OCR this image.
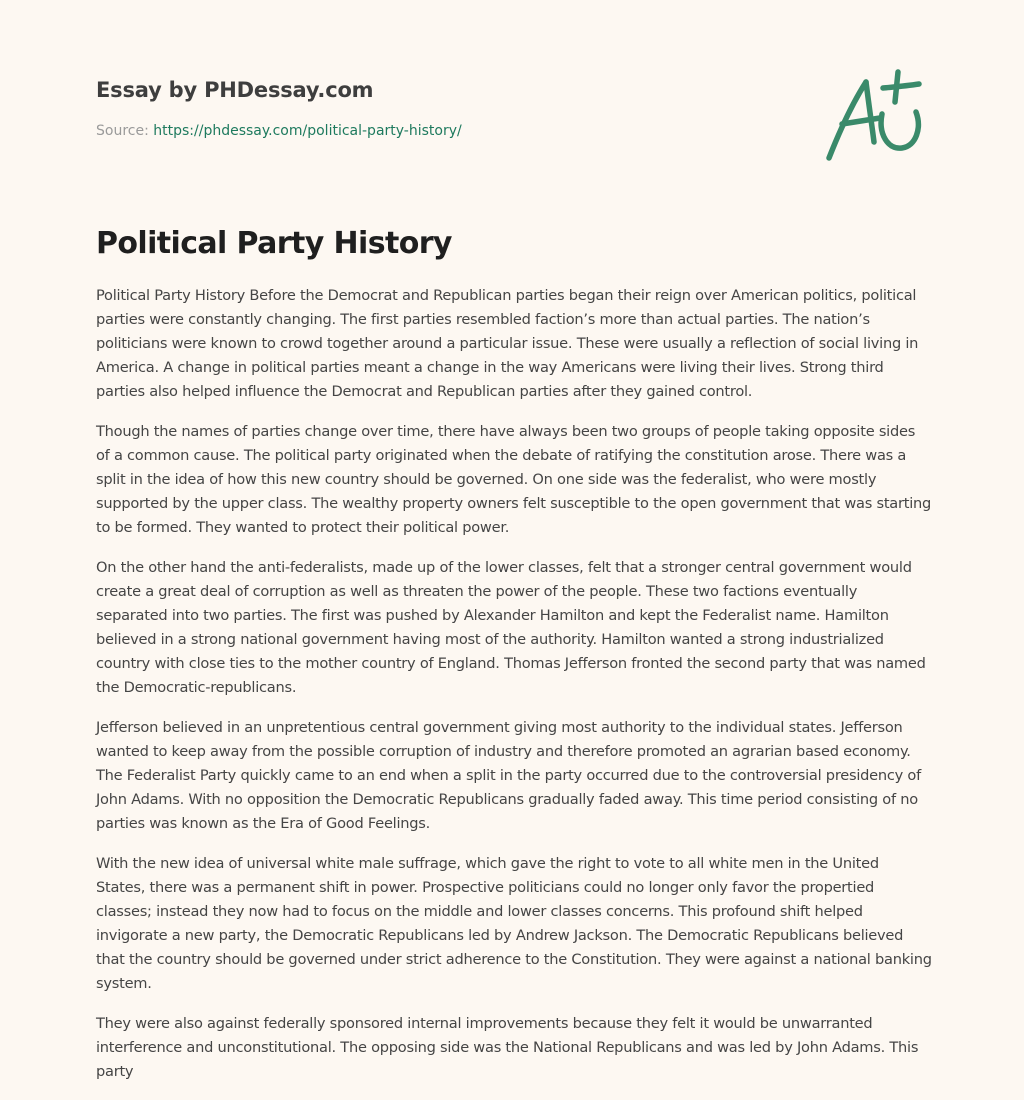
Essay by PHDessay.com
Source: https://phdessay.com/political-party-history/
Political Party History

Political Party History Before the Democrat and Republican parties began their reign over American politics, political parties were constantly changing. The first parties resembled faction’s more than actual parties. The nation’s politicians were known to crowd together around a particular issue. These were usually a reflection of social living in America. A change in political parties meant a change in the way Americans were living their lives. Strong third parties also helped influence the Democrat and Republican parties after they gained control.

Though the names of parties change over time, there have always been two groups of people taking opposite sides of a common cause. The political party originated when the debate of ratifying the constitution arose. There was a split in the idea of how this new country should be governed. On one side was the federalist, who were mostly supported by the upper class. The wealthy property owners felt susceptible to the open government that was starting to be formed. They wanted to protect their political power.

On the other hand the anti-federalists, made up of the lower classes, felt that a stronger central government would create a great deal of corruption as well as threaten the power of the people. These two factions eventually separated into two parties. The first was pushed by Alexander Hamilton and kept the Federalist name. Hamilton believed in a strong national government having most of the authority. Hamilton wanted a strong industrialized country with close ties to the mother country of England. Thomas Jefferson fronted the second party that was named the Democratic-republicans.

Jefferson believed in an unpretentious central government giving most authority to the individual states. Jefferson wanted to keep away from the possible corruption of industry and therefore promoted an agrarian based economy. The Federalist Party quickly came to an end when a split in the party occurred due to the controversial presidency of John Adams. With no opposition the Democratic Republicans gradually faded away. This time period consisting of no parties was known as the Era of Good Feelings.

With the new idea of universal white male suffrage, which gave the right to vote to all white men in the United States, there was a permanent shift in power. Prospective politicians could no longer only favor the propertied classes; instead they now had to focus on the middle and lower classes concerns. This profound shift helped invigorate a new party, the Democratic Republicans led by Andrew Jackson. The Democratic Republicans believed that the country should be governed under strict adherence to the Constitution. They were against a national banking system.

They were also against federally sponsored internal improvements because they felt it would be unwarranted interference and unconstitutional. The opposing side was the National Republicans and was led by John Adams. This party
